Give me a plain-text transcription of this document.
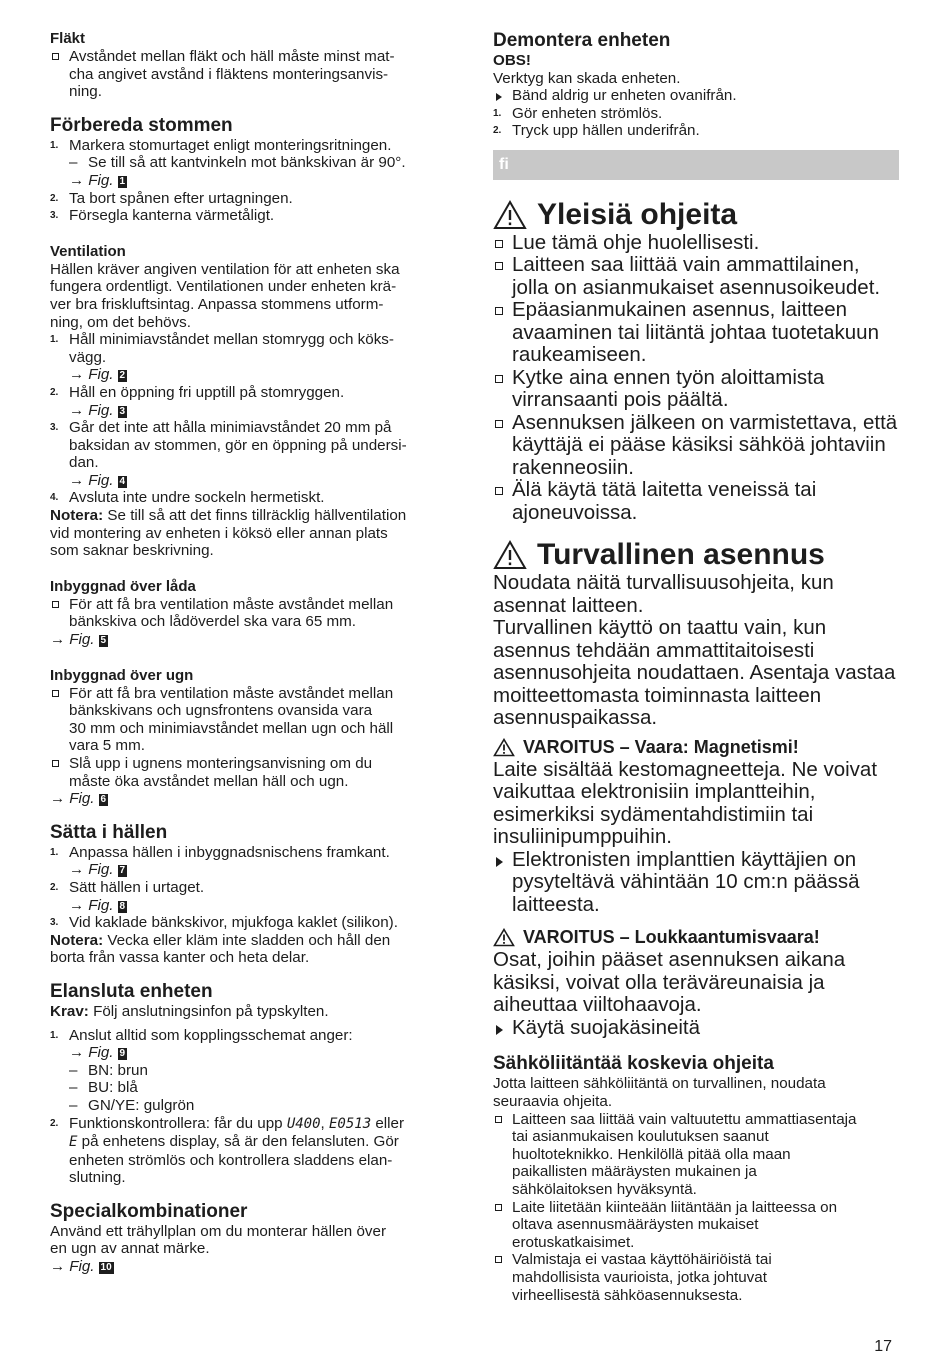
Fläkt

Avståndet mellan fläkt och häll måste minst mat-
cha angivet avstånd i fläktens monteringsanvis-
ning.

Förbereda stommen

1. Markera stomurtaget enligt monteringsritningen.
– Se till så att kantvinkeln mot bänkskivan är 90°.
→ Fig. 1
2. Ta bort spånen efter urtagningen.
3. Försegla kanterna värmetåligt.

Ventilation

Hällen kräver angiven ventilation för att enheten ska
fungera ordentligt. Ventilationen under enheten krä-
ver bra friskluftsintag. Anpassa stommens utform-
ning, om det behövs.
1. Håll minimiavståndet mellan stomrygg och köks-
vägg.
→ Fig. 2
2. Håll en öppning fri upptill på stomryggen.
→ Fig. 3
3. Går det inte att hålla minimiavståndet 20 mm på
baksidan av stommen, gör en öppning på undersi-
dan.
→ Fig. 4
4. Avsluta inte undre sockeln hermetiskt.
Notera: Se till så att det finns tillräcklig hällventilation
vid montering av enheten i köksö eller annan plats
som saknar beskrivning.

Inbyggnad över låda

För att få bra ventilation måste avståndet mellan
bänkskiva och lådöverdel ska vara 65 mm.
→ Fig. 5

Inbyggnad över ugn

För att få bra ventilation måste avståndet mellan
bänkskivans och ugnsfrontens ovansida vara
30 mm och minimiavståndet mellan ugn och häll
vara 5 mm.
Slå upp i ugnens monteringsanvisning om du
måste öka avståndet mellan häll och ugn.
→ Fig. 6

Sätta i hällen

1. Anpassa hällen i inbyggnadsnischens framkant.
→ Fig. 7
2. Sätt hällen i urtaget.
→ Fig. 8
3. Vid kaklade bänkskivor, mjukfoga kaklet (silikon).
Notera: Vecka eller kläm inte sladden och håll den
borta från vassa kanter och heta delar.

Elansluta enheten

Krav: Följ anslutningsinfon på typskylten.
1. Anslut alltid som kopplingsschemat anger:
→ Fig. 9
– BN: brun
– BU: blå
– GN/YE: gulgrön
2. Funktionskontrollera: får du upp U400, E0513 eller
E på enhetens display, så är den felansluten. Gör
enheten strömlös och kontrollera sladdens elan-
slutning.

Specialkombinationer

Använd ett trähyllplan om du monterar hällen över
en ugn av annat märke.
→ Fig. 10

Demontera enheten

OBS!
Verktyg kan skada enheten.
Bänd aldrig ur enheten ovanifrån.
1. Gör enheten strömlös.
2. Tryck upp hällen underifrån.
fi

Yleisiä ohjeita

Lue tämä ohje huolellisesti.
Laitteen saa liittää vain ammattilainen,
jolla on asianmukaiset asennusoikeudet.
Epäasianmukainen asennus, laitteen
avaaminen tai liitäntä johtaa tuotetakuun
raukeamiseen.
Kytke aina ennen työn aloittamista
virransaanti pois päältä.
Asennuksen jälkeen on varmistettava, että
käyttäjä ei pääse käsiksi sähköä johtaviin
rakenneosiin.
Älä käytä tätä laitetta veneissä tai
ajoneuvoissa.

Turvallinen asennus

Noudata näitä turvallisuusohjeita, kun
asennat laitteen.
Turvallinen käyttö on taattu vain, kun
asennus tehdään ammattitaitoisesti
asennusohjeita noudattaen. Asentaja vastaa
moitteettomasta toiminnasta laitteen
asennuspaikassa.

VAROITUS – Vaara: Magnetismi!

Laite sisältää kestomagneetteja. Ne voivat
vaikuttaa elektronisiin implantteihin,
esimerkiksi sydämentahdistimiin tai
insuliinipumppuihin.
Elektronisten implanttien käyttäjien on
pysyteltävä vähintään 10 cm:n päässä
laitteesta.

VAROITUS – Loukkaantumisvaara!

Osat, joihin pääset asennuksen aikana
käsiksi, voivat olla teräväreunaisia ja
aiheuttaa viiltohaavoja.
Käytä suojakäsineitä

Sähköliitäntää koskevia ohjeita

Jotta laitteen sähköliitäntä on turvallinen, noudata
seuraavia ohjeita.
Laitteen saa liittää vain valtuutettu ammattiasentaja
tai asianmukaisen koulutuksen saanut
huoltoteknikko. Henkilöllä pitää olla maan
paikallisten määräysten mukainen ja
sähkölaitoksen hyväksyntä.
Laite liitetään kiinteään liitäntään ja laitteessa on
oltava asennusmääräysten mukaiset
erotuskatkaisimet.
Valmistaja ei vastaa käyttöhäiriöistä tai
mahdollisista vaurioista, jotka johtuvat
virheellisestä sähköasennuksesta.
17
